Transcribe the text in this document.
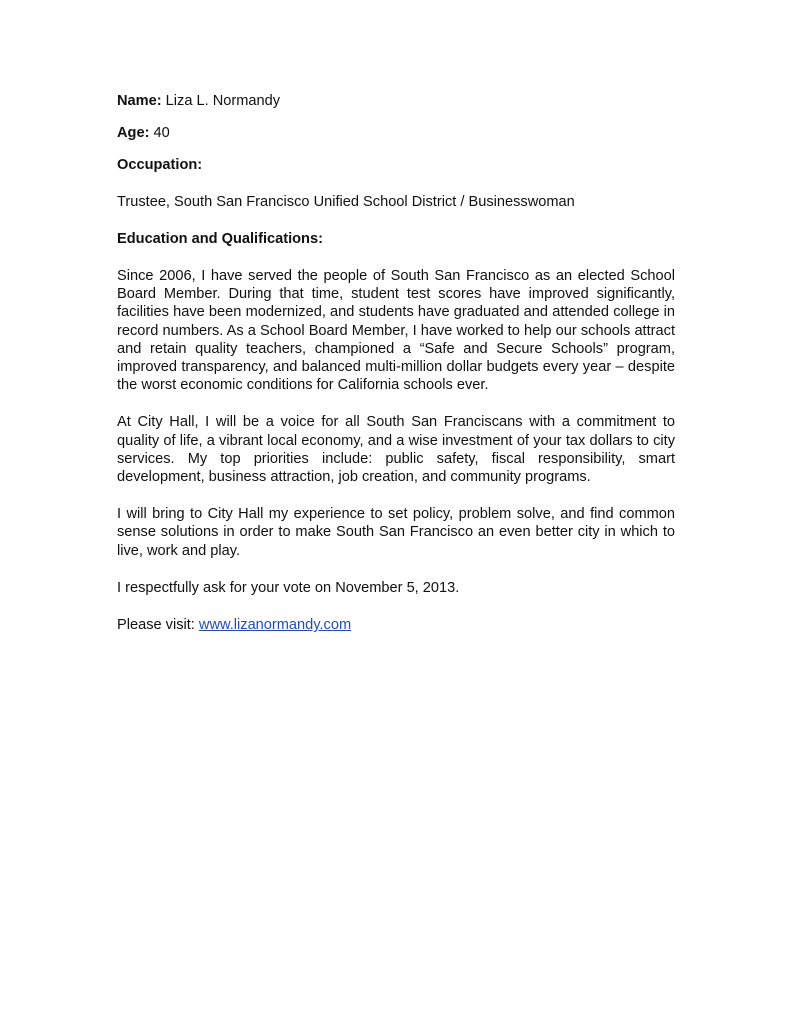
Name: Liza L. Normandy

Age: 40

Occupation:

Trustee, South San Francisco Unified School District / Businesswoman

Education and Qualifications:

Since 2006, I have served the people of South San Francisco as an elected School Board Member. During that time, student test scores have improved significantly, facilities have been modernized, and students have graduated and attended college in record numbers. As a School Board Member, I have worked to help our schools attract and retain quality teachers, championed a “Safe and Secure Schools” program, improved transparency, and balanced multi-million dollar budgets every year – despite the worst economic conditions for California schools ever.

At City Hall, I will be a voice for all South San Franciscans with a commitment to quality of life, a vibrant local economy, and a wise investment of your tax dollars to city services. My top priorities include: public safety, fiscal responsibility, smart development, business attraction, job creation, and community programs.

I will bring to City Hall my experience to set policy, problem solve, and find common sense solutions in order to make South San Francisco an even better city in which to live, work and play.

I respectfully ask for your vote on November 5, 2013.

Please visit: www.lizanormandy.com
